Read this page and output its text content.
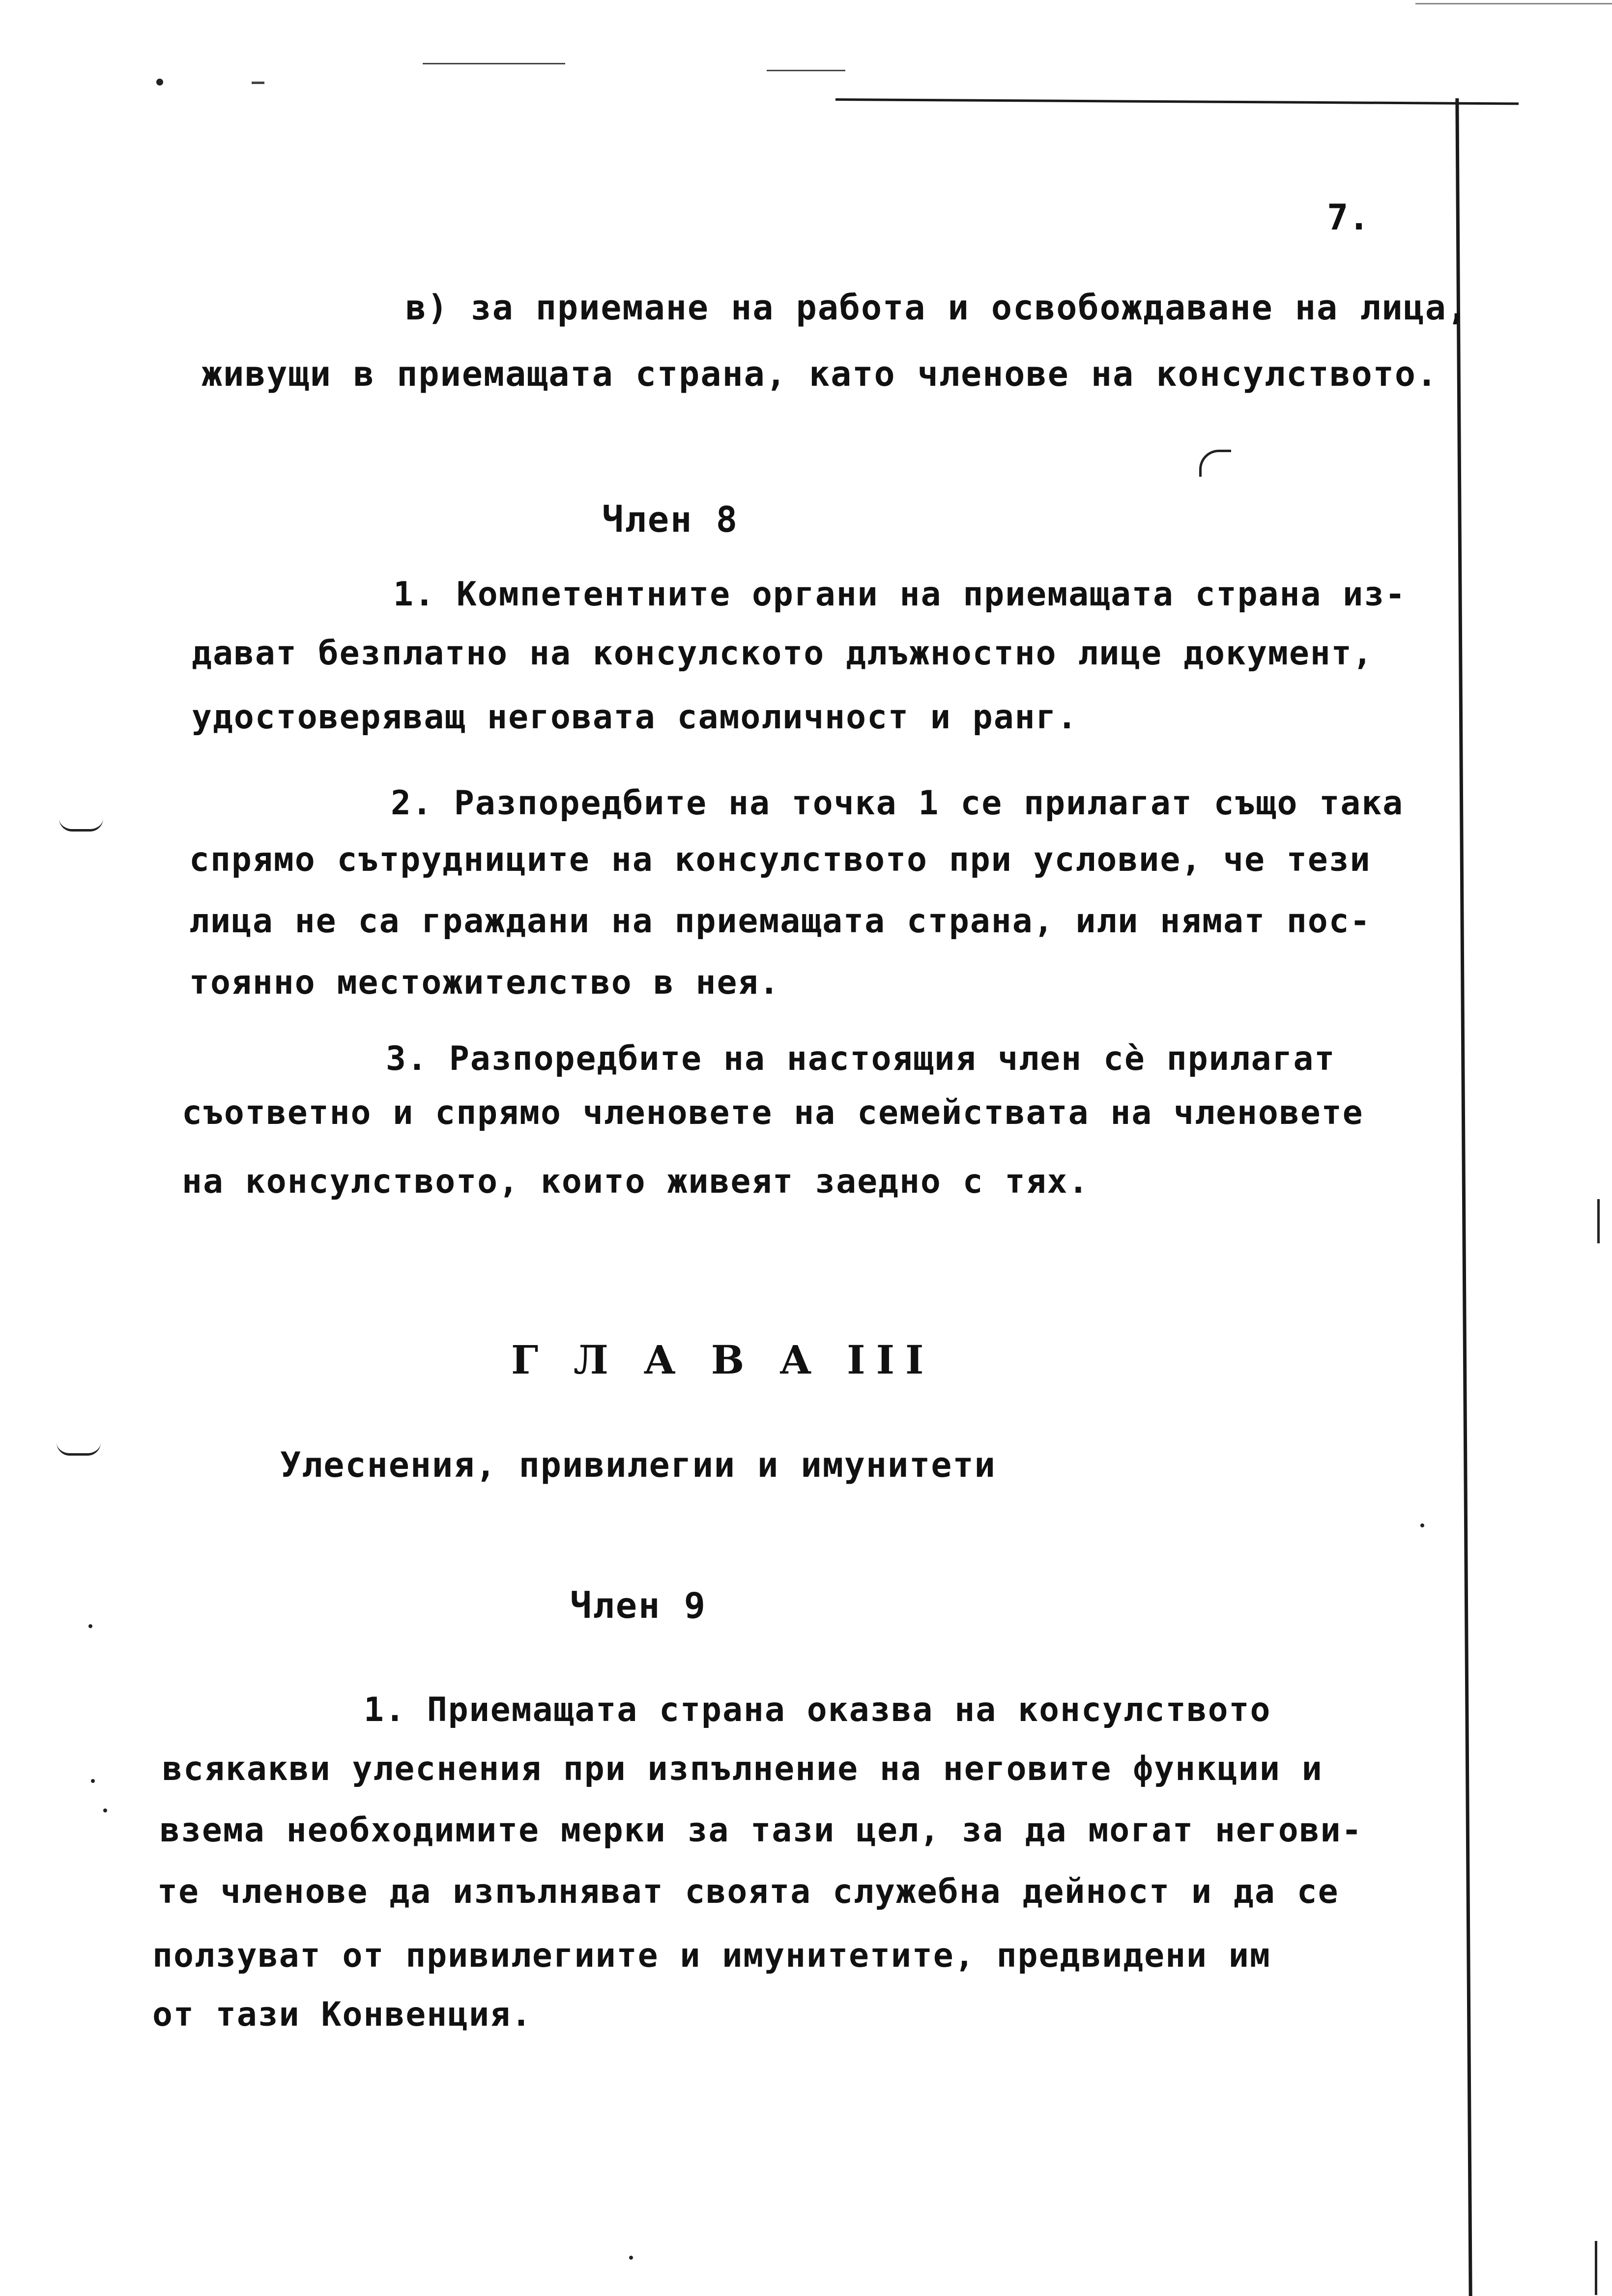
7.
в) за приемане на работа и освобождаване на лица,
живущи в приемащата страна, като членове на консулството.
Член 8
1. Компетентните органи на приемащата страна из-
дават безплатно на консулското длъжностно лице документ,
удостоверяващ неговата самоличност и ранг.
2. Разпоредбите на точка 1 се прилагат също така
спрямо сътрудниците на консулството при условие, че тези
лица не са граждани на приемащата страна, или нямат пос-
тоянно местожителство в нея.
3. Разпоредбите на настоящия член сѐ прилагат
съответно и спрямо членовете на семействата на членовете
на консулството, които живеят заедно с тях.
Г Л А В А III
Улеснения, привилегии и имунитети
Член 9
1. Приемащата страна оказва на консулството
всякакви улеснения при изпълнение на неговите функции и
взема необходимите мерки за тази цел, за да могат негови-
те членове да изпълняват своята служебна дейност и да се
ползуват от привилегиите и имунитетите, предвидени им
от тази Конвенция.
